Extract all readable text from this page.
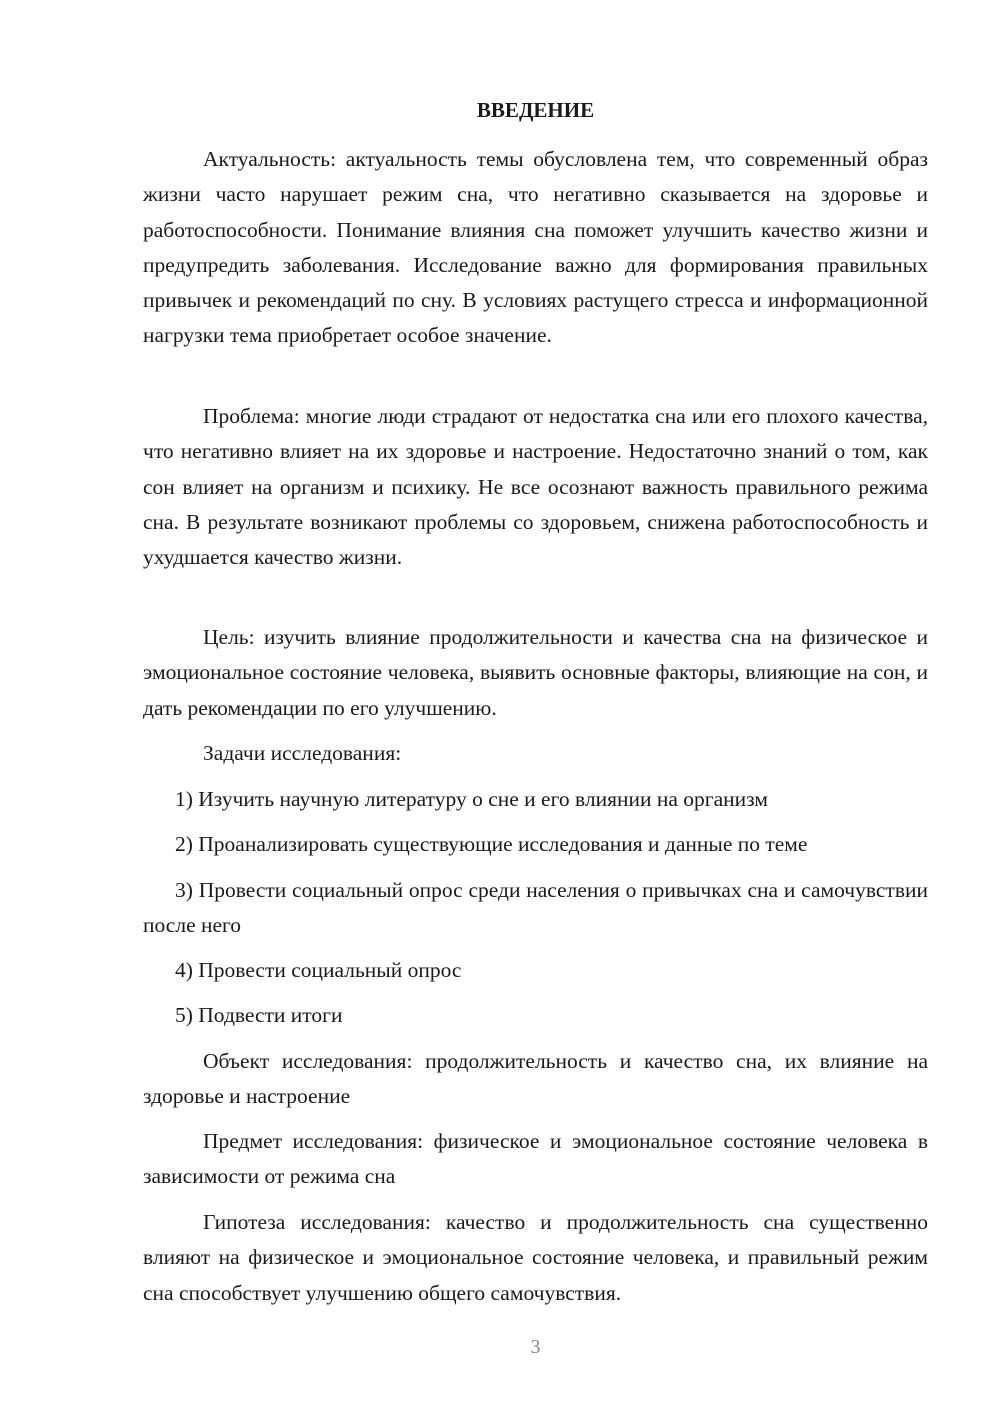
ВВЕДЕНИЕ

Актуальность: актуальность темы обусловлена тем, что современный образ жизни часто нарушает режим сна, что негативно сказывается на здоровье и работоспособности. Понимание влияния сна поможет улучшить качество жизни и предупредить заболевания. Исследование важно для формирования правильных привычек и рекомендаций по сну. В условиях растущего стресса и информационной нагрузки тема приобретает особое значение.

Проблема: многие люди страдают от недостатка сна или его плохого качества, что негативно влияет на их здоровье и настроение. Недостаточно знаний о том, как сон влияет на организм и психику. Не все осознают важность правильного режима сна. В результате возникают проблемы со здоровьем, снижена работоспособность и ухудшается качество жизни.

Цель: изучить влияние продолжительности и качества сна на физическое и эмоциональное состояние человека, выявить основные факторы, влияющие на сон, и дать рекомендации по его улучшению.

Задачи исследования:

1) Изучить научную литературу о сне и его влиянии на организм

2) Проанализировать существующие исследования и данные по теме

3) Провести социальный опрос среди населения о привычках сна и самочувствии после него

4) Провести социальный опрос

5) Подвести итоги

Объект исследования: продолжительность и качество сна, их влияние на здоровье и настроение

Предмет исследования: физическое и эмоциональное состояние человека в зависимости от режима сна

Гипотеза исследования: качество и продолжительность сна существенно влияют на физическое и эмоциональное состояние человека, и правильный режим сна способствует улучшению общего самочувствия.

3
